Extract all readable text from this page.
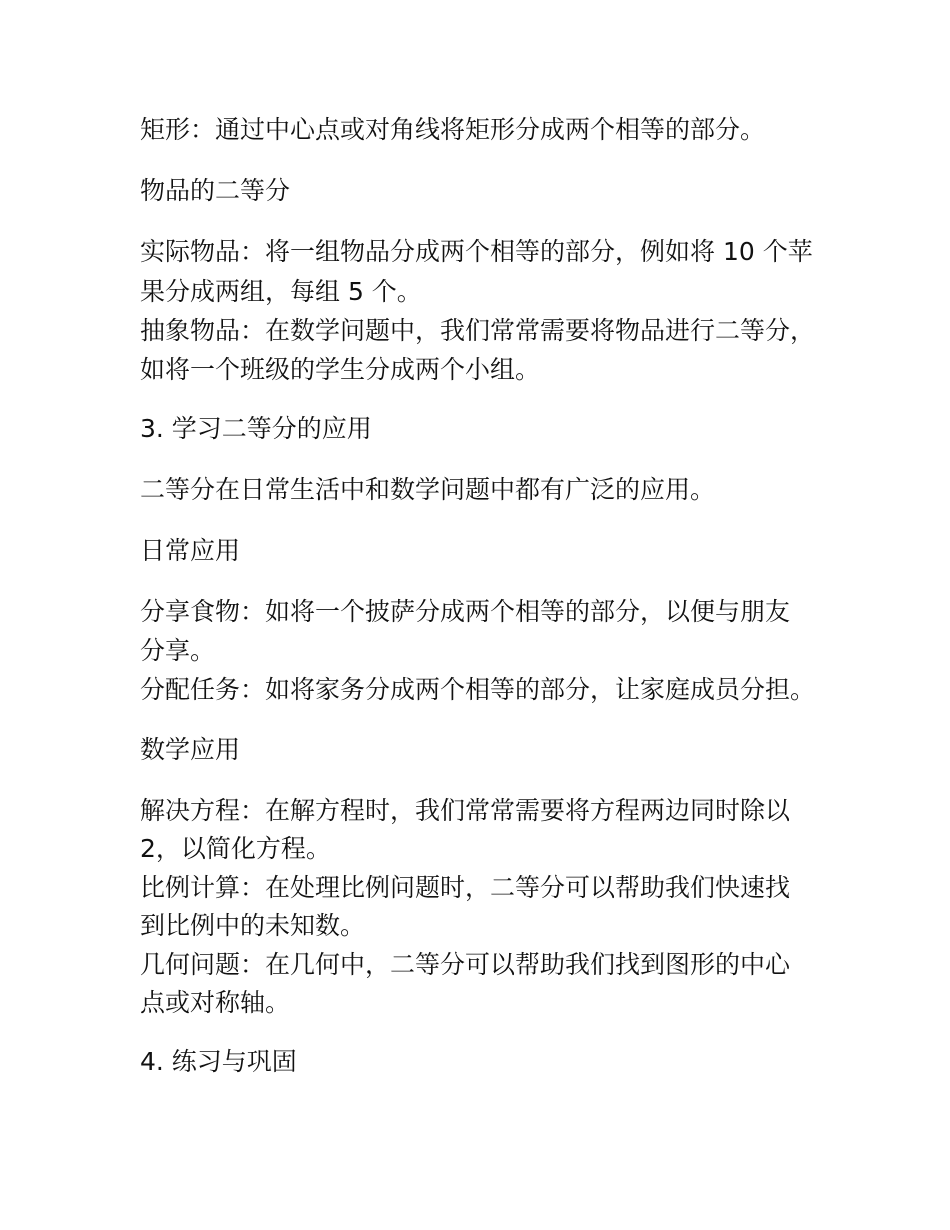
矩形：通过中心点或对角线将矩形分成两个相等的部分。
物品的二等分
实际物品：将一组物品分成两个相等的部分，例如将 10 个苹
果分成两组，每组 5 个。
抽象物品：在数学问题中，我们常常需要将物品进行二等分，
如将一个班级的学生分成两个小组。
3. 学习二等分的应用
二等分在日常生活中和数学问题中都有广泛的应用。
日常应用
分享食物：如将一个披萨分成两个相等的部分，以便与朋友
分享。
分配任务：如将家务分成两个相等的部分，让家庭成员分担。
数学应用
解决方程：在解方程时，我们常常需要将方程两边同时除以
2，以简化方程。
比例计算：在处理比例问题时，二等分可以帮助我们快速找
到比例中的未知数。
几何问题：在几何中，二等分可以帮助我们找到图形的中心
点或对称轴。
4. 练习与巩固
